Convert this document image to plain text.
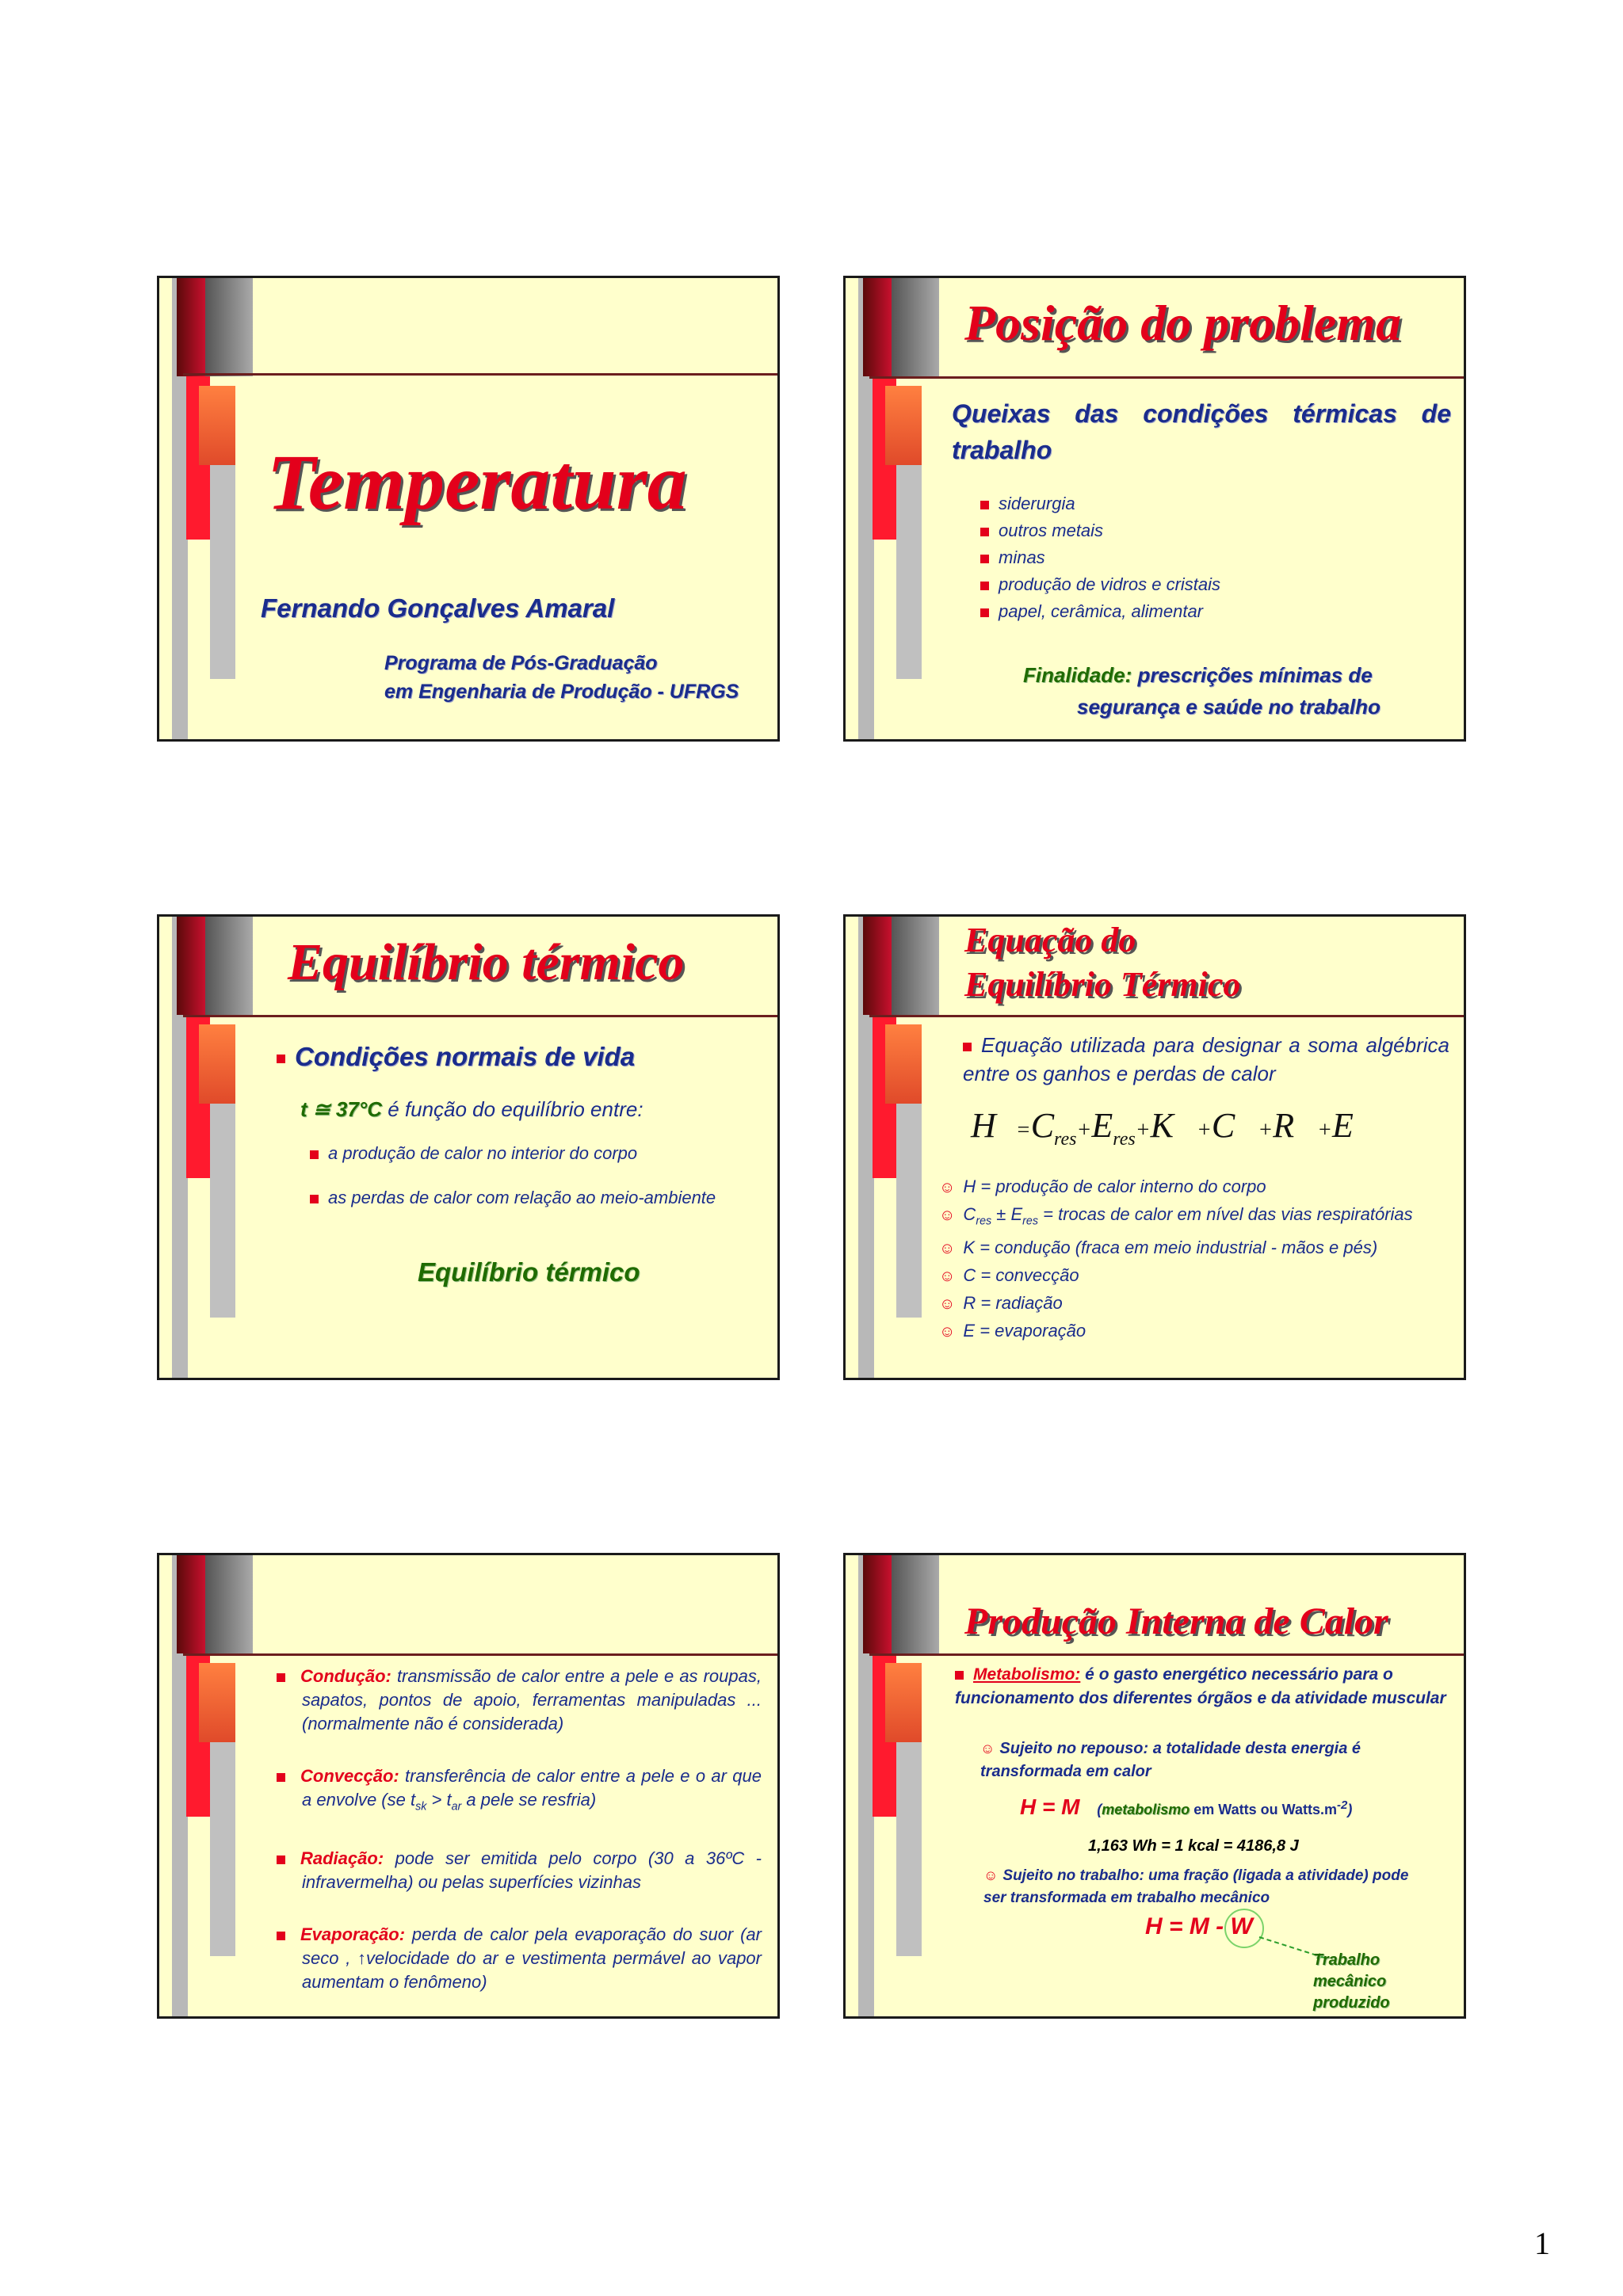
Temperatura

Fernando Gonçalves Amaral

Programa de Pós-Graduação

em Engenharia de Produção - UFRGS

Posição do problema

Queixas das condições térmicas de trabalho

siderurgia
outros metais
minas
produção de vidros e cristais
papel, cerâmica, alimentar

Finalidade: prescrições mínimas de

segurança e saúde no trabalho

Equilíbrio térmico

Condições normais de vida

t ≅ 37°C é função do equilíbrio entre:

a produção de calor no interior do corpo

as perdas de calor com relação ao meio-ambiente

Equilíbrio térmico

Equação do
Equilíbrio Térmico

Equação utilizada para designar a soma algébrica entre os ganhos e perdas de calor

$H =C_{res}+E_{res}+K +C +R +E$
☺ H = produção de calor interno do corpo
☺ $C_{res} \pm E_{res}$ = trocas de calor em nível das vias respiratórias
☺ K = condução (fraca em meio industrial - mãos e pés)
☺ C = convecção
☺ R = radiação
☺ E = evaporação

Condução: transmissão de calor entre a pele e as roupas, sapatos, pontos de apoio, ferramentas manipuladas ... (normalmente não é considerada)

Convecção: transferência de calor entre a pele e o ar que a envolve (se $t_{sk} > t_{ar}$ a pele se resfria)

Radiação: pode ser emitida pelo corpo (30 a 36ºC - infravermelha) ou pelas superfícies vizinhas

Evaporação: perda de calor pela evaporação do suor (ar seco , ↑velocidade do ar e vestimenta permável ao vapor aumentam o fenômeno)

Produção Interna de Calor

Metabolismo: é o gasto energético necessário para o funcionamento dos diferentes órgãos e da atividade muscular

☺ Sujeito no repouso: a totalidade desta energia é transformada em calor

H = M (metabolismo em Watts ou $Watts.m^{-2}$)

1,163 Wh = 1 kcal = 4186,8 J

☺ Sujeito no trabalho: uma fração (ligada a atividade) pode ser transformada em trabalho mecânico

H = M - W

Trabalho
mecânico
produzido

1
